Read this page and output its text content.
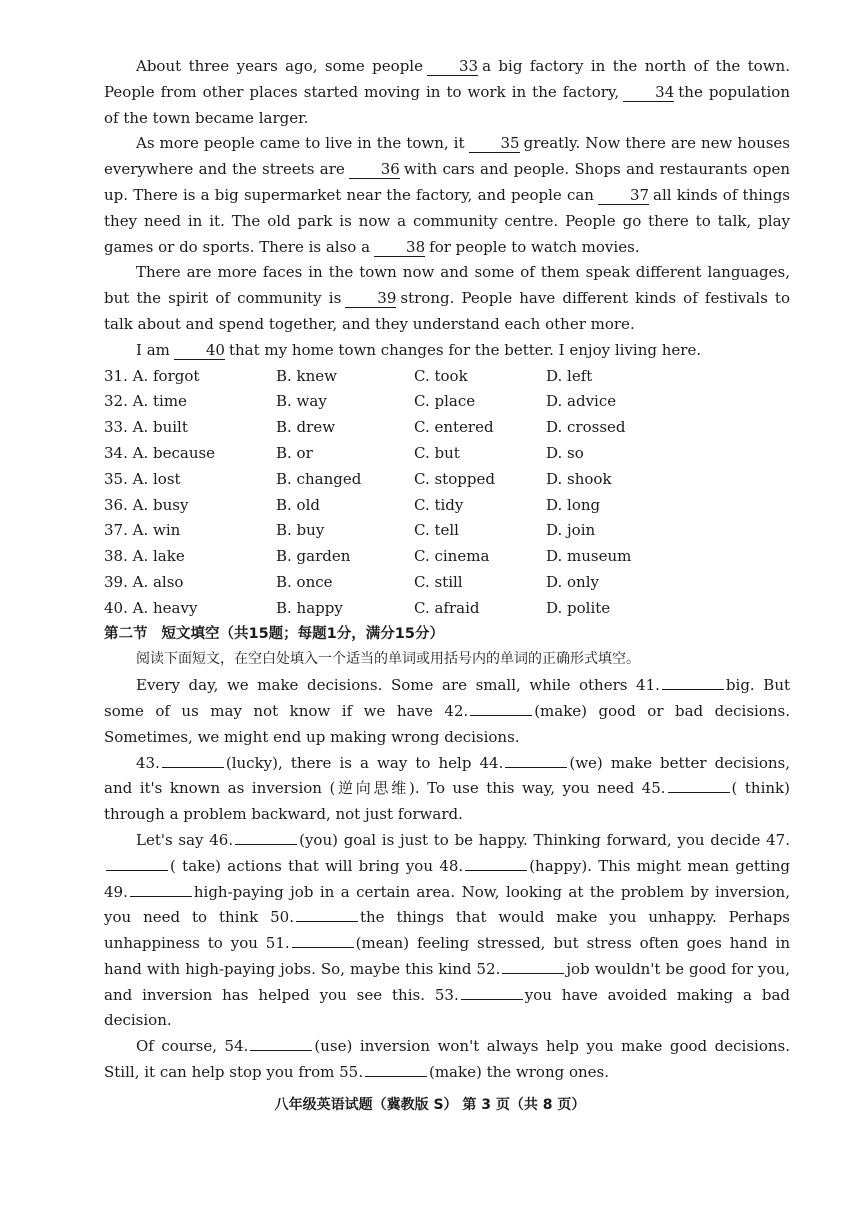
About three years ago, some people 33 a big factory in the north of the town. People from other places started moving in to work in the factory, 34 the population of the town became larger.

As more people came to live in the town, it 35 greatly. Now there are new houses everywhere and the streets are 36 with cars and people. Shops and restaurants open up. There is a big supermarket near the factory, and people can 37 all kinds of things they need in it. The old park is now a community centre. People go there to talk, play games or do sports. There is also a 38 for people to watch movies.

There are more faces in the town now and some of them speak different languages, but the spirit of community is 39 strong. People have different kinds of festivals to talk about and spend together, and they understand each other more.

I am 40 that my home town changes for the better. I enjoy living here.

31. A. forgot	B. knew	C. took	D. left
32. A. time	B. way	C. place	D. advice
33. A. built	B. drew	C. entered	D. crossed
34. A. because	B. or	C. but	D. so
35. A. lost	B. changed	C. stopped	D. shook
36. A. busy	B. old	C. tidy	D. long
37. A. win	B. buy	C. tell	D. join
38. A. lake	B. garden	C. cinema	D. museum
39. A. also	B. once	C. still	D. only
40. A. heavy	B. happy	C. afraid	D. polite

第二节 短文填空（共15题；每题1分，满分15分）

阅读下面短文，在空白处填入一个适当的单词或用括号内的单词的正确形式填空。

Every day, we make decisions. Some are small, while others 41.	big. But some of us may not know if we have 42.	(make) good or bad decisions. Sometimes, we might end up making wrong decisions.

43.	(lucky), there is a way to help 44.	(we) make better decisions, and it's known as inversion (逆向思维). To use this way, you need 45.	( think) through a problem backward, not just forward.

Let's say 46.	(you) goal is just to be happy. Thinking forward, you decide 47.( take) actions that will bring you 48.	(happy). This might mean getting 49.	high-paying job in a certain area. Now, looking at the problem by inversion, you need to think 50.	the things that would make you unhappy. Perhaps unhappiness to you 51.	(mean) feeling stressed, but stress often goes hand in hand with high-paying jobs. So, maybe this kind 52.	job wouldn't be good for you, and inversion has helped you see this. 53.	you have avoided making a bad decision.

Of course, 54.	(use) inversion won't always help you make good decisions. Still, it can help stop you from 55.	(make) the wrong ones.

八年级英语试题（冀教版 S） 第 3 页（共 8 页）
